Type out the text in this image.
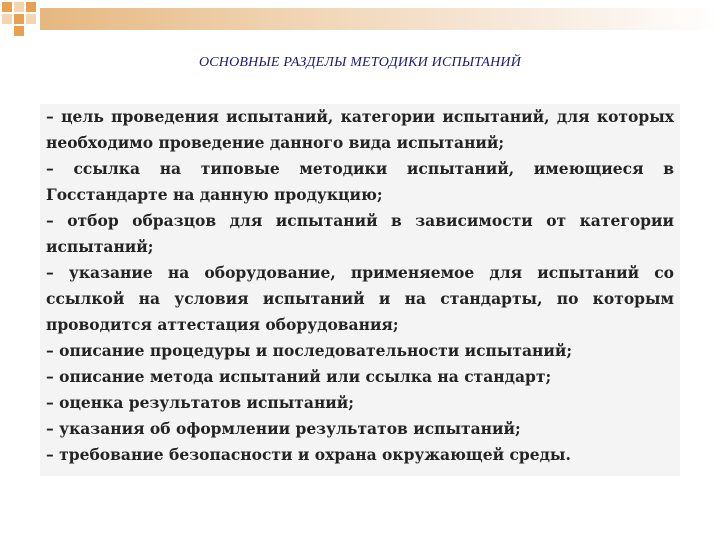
ОСНОВНЫЕ РАЗДЕЛЫ МЕТОДИКИ ИСПЫТАНИЙ
– цель проведения испытаний, категории испытаний, для которых необходимо проведение данного вида испытаний;
– ссылка на типовые методики испытаний, имеющиеся в Госстандарте на данную продукцию;
– отбор образцов для испытаний в зависимости от категории испытаний;
– указание на оборудование, применяемое для испытаний со ссылкой на условия испытаний и на стандарты, по которым проводится аттестация оборудования;
– описание процедуры и последовательности испытаний;
– описание метода испытаний или ссылка на стандарт;
– оценка результатов испытаний;
– указания об оформлении результатов испытаний;
– требование безопасности и охрана окружающей среды.
